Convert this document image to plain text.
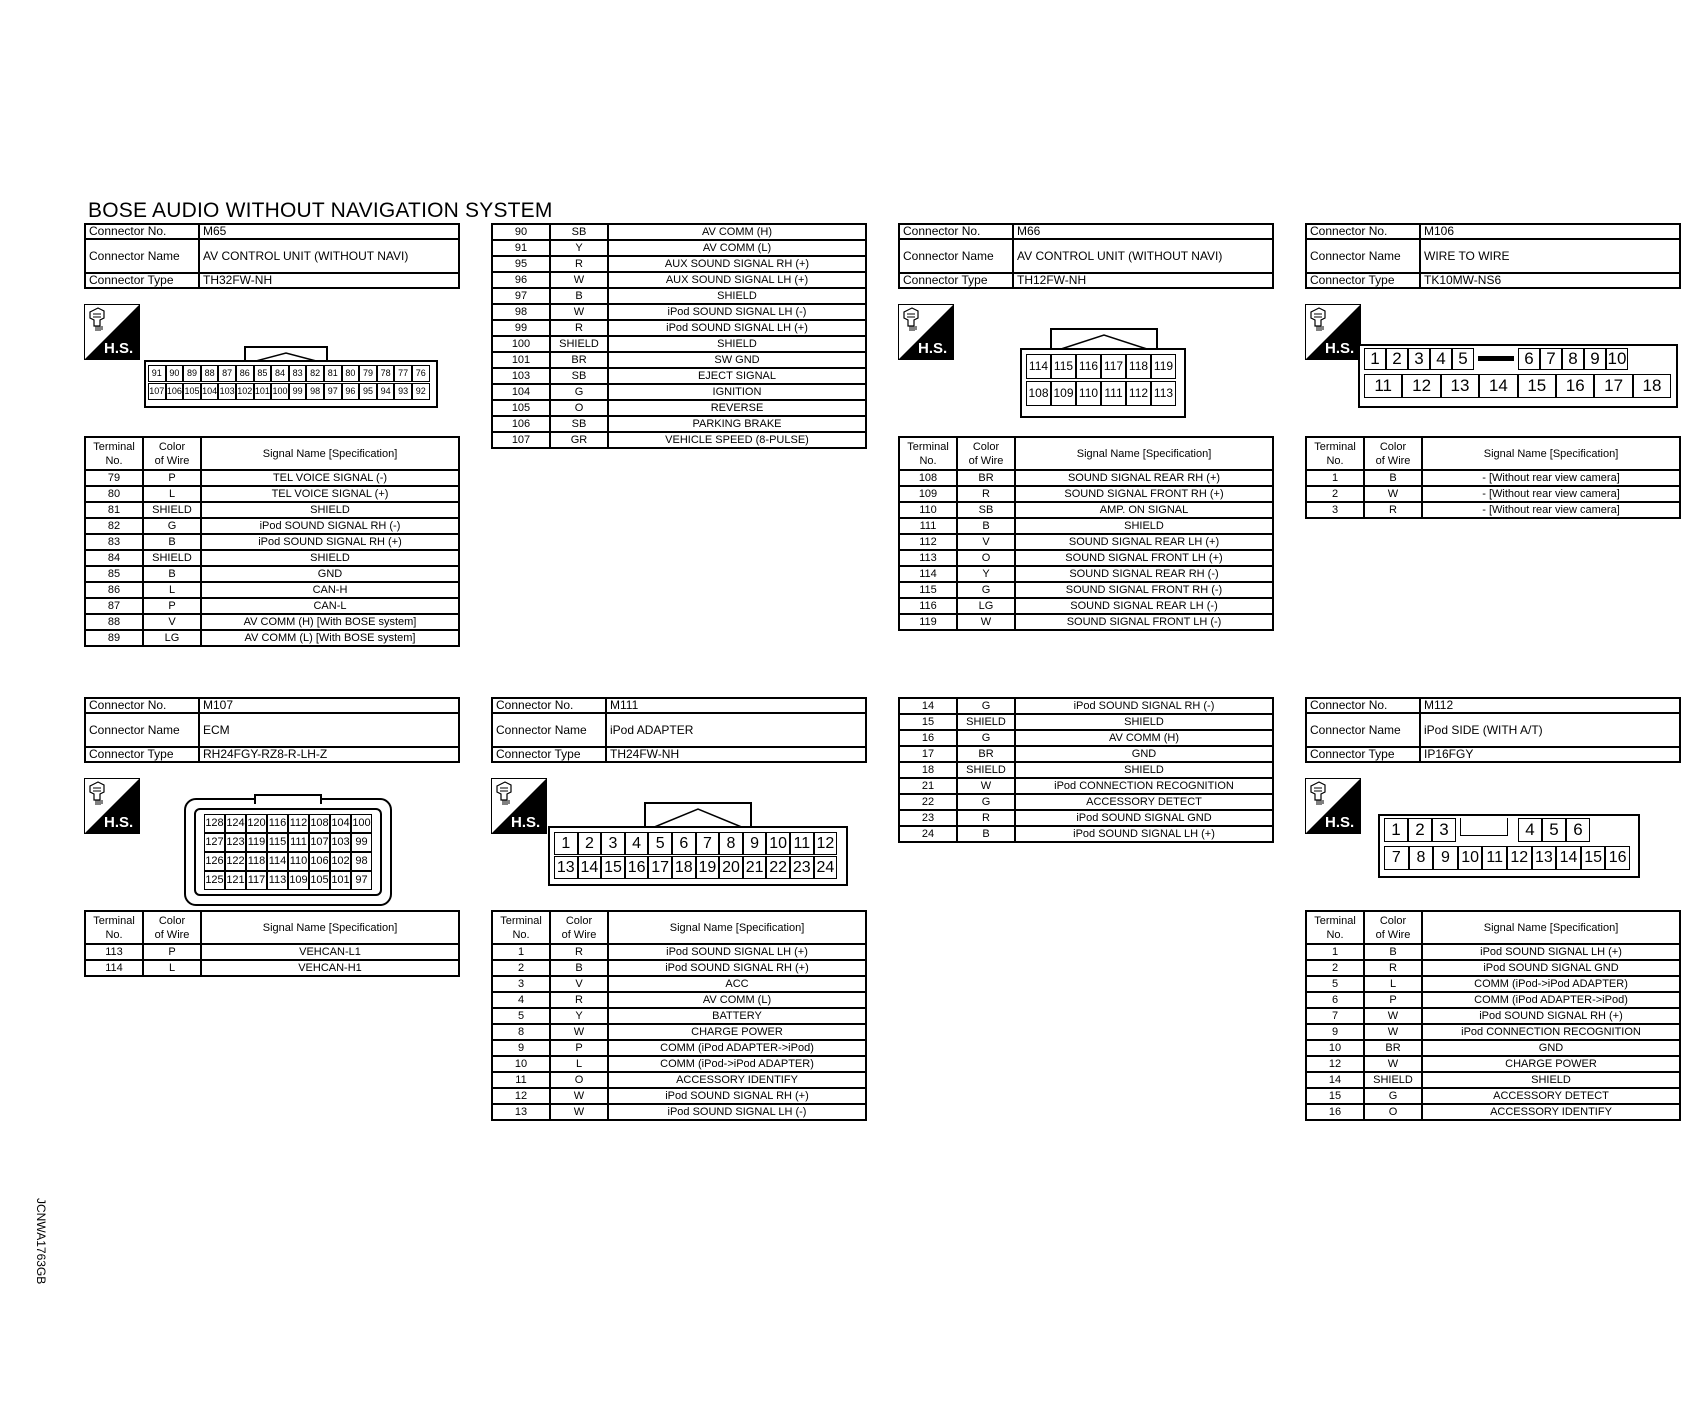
BOSE AUDIO WITHOUT NAVIGATION SYSTEM
Connector No.	M65
Connector Name	AV CONTROL UNIT (WITHOUT NAVI)
Connector Type	TH32FW-NH
Connector No.	M66
Connector Name	AV CONTROL UNIT (WITHOUT NAVI)
Connector Type	TH12FW-NH
Connector No.	M106
Connector Name	WIRE TO WIRE
Connector Type	TK10MW-NS6
Connector No.	M107
Connector Name	ECM
Connector Type	RH24FGY-RZ8-R-LH-Z
Connector No.	M111
Connector Name	iPod ADAPTER
Connector Type	TH24FW-NH
Connector No.	M112
Connector Name	iPod SIDE (WITH A/T)
Connector Type	IP16FGY
H.S.	H.S.	H.S.
H.S.	H.S.	H.S.
91 90 89 88 87 86 85 84 83 82 81 80 79 78 77 76
107 106 105 104 103 102 101 100 99 98 97 96 95 94 93 92
114 115 116 117 118 119
108 109 110 111 112 113
1 2 3 4 5	6 7 8 9 10
11	12	13	14	15	16	17	18
128 124 120 116 112 108 104 100
127 123 119 115 111 107 103 99
126 122 118 114 110 106 102 98
125 121 117 113 109 105 101 97
1 2 3 4 5 6 7 8 9 10 11 12
13 14 15 16 17 18 19 20 21 22 23 24
1 2 3	4 5 6
7 8 9 10 11 12 13 14 15 16
Terminal
No.	Color
of Wire	Signal Name [Specification]
79	P	TEL VOICE SIGNAL (-)
80	L	TEL VOICE SIGNAL (+)
81	SHIELD	SHIELD
82	G	iPod SOUND SIGNAL RH (-)
83	B	iPod SOUND SIGNAL RH (+)
84	SHIELD	SHIELD
85	B	GND
86	L	CAN-H
87	P	CAN-L
88	V	AV COMM (H) [With BOSE system]
89	LG	AV COMM (L) [With BOSE system]
90	SB	AV COMM (H)
91	Y	AV COMM (L)
95	R	AUX SOUND SIGNAL RH (+)
96	W	AUX SOUND SIGNAL LH (+)
97	B	SHIELD
98	W	iPod SOUND SIGNAL LH (-)
99	R	iPod SOUND SIGNAL LH (+)
100	SHIELD	SHIELD
101	BR	SW GND
103	SB	EJECT SIGNAL
104	G	IGNITION
105	O	REVERSE
106	SB	PARKING BRAKE
107	GR	VEHICLE SPEED (8-PULSE)
Terminal
No.	Color
of Wire	Signal Name [Specification]
108	BR	SOUND SIGNAL REAR RH (+)
109	R	SOUND SIGNAL FRONT RH (+)
110	SB	AMP. ON SIGNAL
111	B	SHIELD
112	V	SOUND SIGNAL REAR LH (+)
113	O	SOUND SIGNAL FRONT LH (+)
114	Y	SOUND SIGNAL REAR RH (-)
115	G	SOUND SIGNAL FRONT RH (-)
116	LG	SOUND SIGNAL REAR LH (-)
119	W	SOUND SIGNAL FRONT LH (-)
Terminal
No.	Color
of Wire	Signal Name [Specification]
1	B	- [Without rear view camera]
2	W	- [Without rear view camera]
3	R	- [Without rear view camera]
Terminal
No.	Color
of Wire	Signal Name [Specification]
113	P	VEHCAN-L1
114	L	VEHCAN-H1
Terminal
No.	Color
of Wire	Signal Name [Specification]
1	R	iPod SOUND SIGNAL LH (+)
2	B	iPod SOUND SIGNAL RH (+)
3	V	ACC
4	R	AV COMM (L)
5	Y	BATTERY
8	W	CHARGE POWER
9	P	COMM (iPod ADAPTER->iPod)
10	L	COMM (iPod->iPod ADAPTER)
11	O	ACCESSORY IDENTIFY
12	W	iPod SOUND SIGNAL RH (+)
13	W	iPod SOUND SIGNAL LH (-)
14	G	iPod SOUND SIGNAL RH (-)
15	SHIELD	SHIELD
16	G	AV COMM (H)
17	BR	GND
18	SHIELD	SHIELD
21	W	iPod CONNECTION RECOGNITION
22	G	ACCESSORY DETECT
23	R	iPod SOUND SIGNAL GND
24	B	iPod SOUND SIGNAL LH (+)
Terminal
No.	Color
of Wire	Signal Name [Specification]
1	B	iPod SOUND SIGNAL LH (+)
2	R	iPod SOUND SIGNAL GND
5	L	COMM (iPod->iPod ADAPTER)
6	P	COMM (iPod ADAPTER->iPod)
7	W	iPod SOUND SIGNAL RH (+)
9	W	iPod CONNECTION RECOGNITION
10	BR	GND
12	W	CHARGE POWER
14	SHIELD	SHIELD
15	G	ACCESSORY DETECT
16	O	ACCESSORY IDENTIFY
JCNWA1763GB
